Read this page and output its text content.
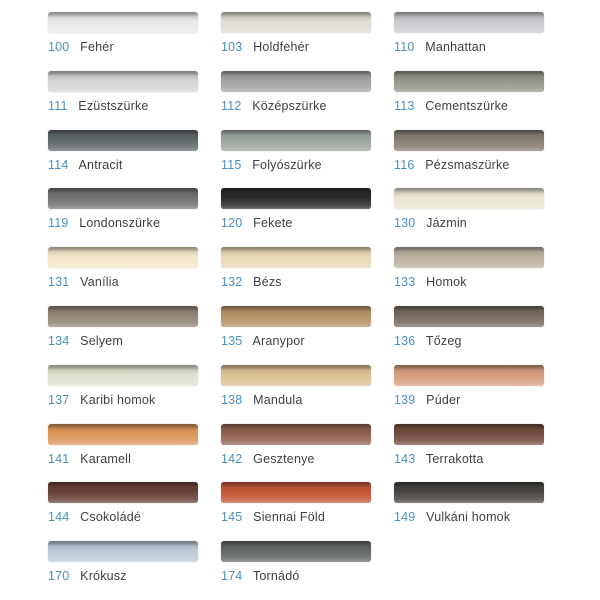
100 Fehér	103 Holdfehér	110 Manhattan
111 Ezüstszürke	112 Középszürke	113 Cementszürke
114 Antracit	115 Folyószürke	116 Pézsmaszürke
119 Londonszürke	120 Fekete	130 Jázmin
131 Vanília	132 Bézs	133 Homok
134 Selyem	135 Aranypor	136 Tőzeg
137 Karibi homok	138 Mandula	139 Púder
141 Karamell	142 Gesztenye	143 Terrakotta
144 Csokoládé	145 Siennai Föld	149 Vulkáni homok
170 Krókusz	174 Tornádó
